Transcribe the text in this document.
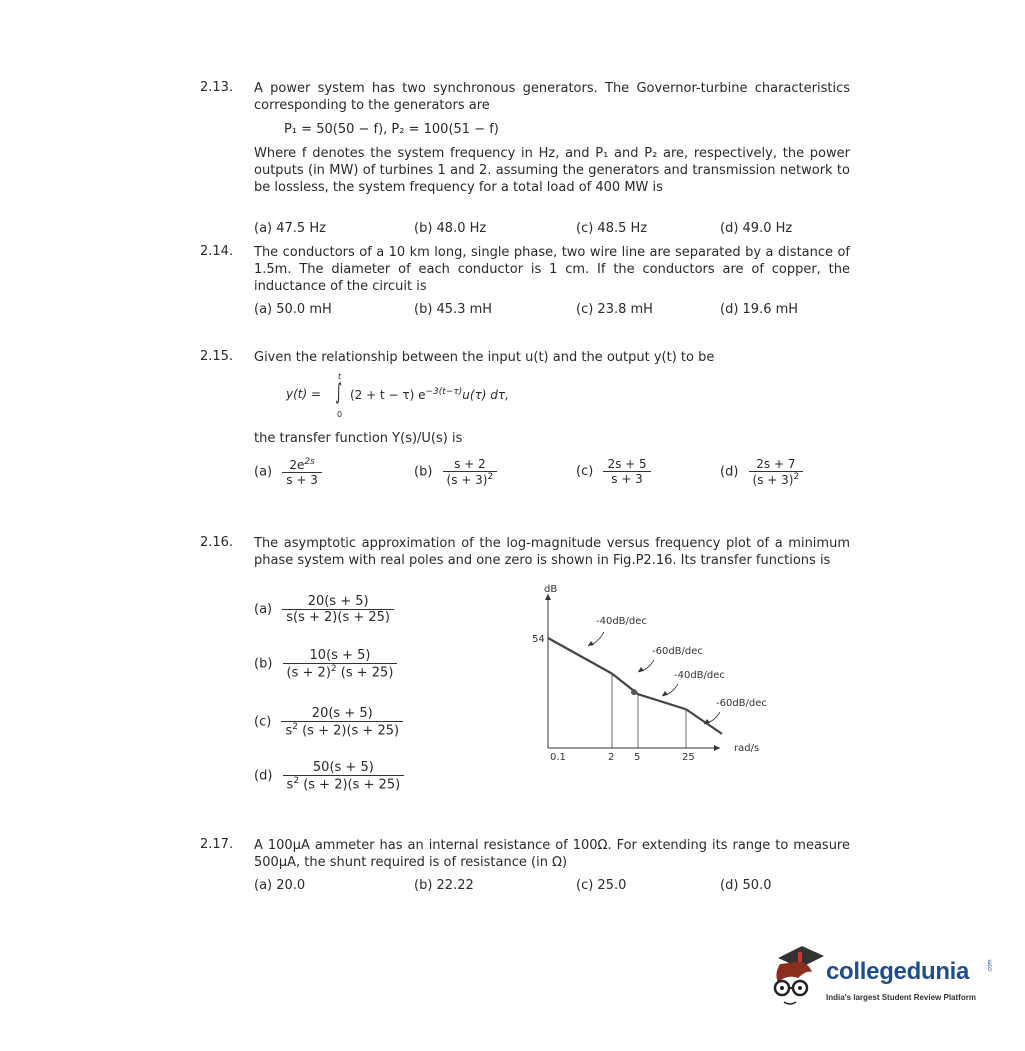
2.13. A power system has two synchronous generators. The Governor-turbine characteristics corresponding to the generators are
P₁ = 50(50 − f), P₂ = 100(51 − f)
Where f denotes the system frequency in Hz, and P₁ and P₂ are, respectively, the power outputs (in MW) of turbines 1 and 2. assuming the generators and transmission network to be lossless, the system frequency for a total load of 400 MW is
(a) 47.5 Hz	(b) 48.0 Hz	(c) 48.5 Hz	(d) 49.0 Hz
2.14. The conductors of a 10 km long, single phase, two wire line are separated by a distance of 1.5m. The diameter of each conductor is 1 cm. If the conductors are of copper, the inductance of the circuit is
(a) 50.0 mH	(b) 45.3 mH	(c) 23.8 mH	(d) 19.6 mH
2.15. Given the relationship between the input u(t) and the output y(t) to be
y(t) =
t
∫
0
(2 + t − τ) $e^{-3(t-\tau)}u(\tau)$ dτ,
the transfer function Y(s)/U(s) is
$(a) \frac{2e^{2s}}{s + 3}$	$(b) \frac{s + 2}{(s + 3)^2}$	$(c) \frac{2s + 5}{s + 3}$	$(d) \frac{2s + 7}{(s + 3)^2}$
2.16. The asymptotic approximation of the log-magnitude versus frequency plot of a minimum phase system with real poles and one zero is shown in Fig.P2.16. Its transfer functions is
$(a) \frac{20(s + 5)}{s(s + 2)(s + 25)}$
$(b) \frac{10(s + 5)}{(s + 2)^2 (s + 25)}$
$(c) \frac{20(s + 5)}{s^2 (s + 2)(s + 25)}$
$(d) \frac{50(s + 5)}{s^2 (s + 2)(s + 25)}$
dB
rad/s
54
0.1	2 5	25
-40dB/dec
-60dB/dec
-40dB/dec
-60dB/dec
2.17. A 100μA ammeter has an internal resistance of 100Ω. For extending its range to measure 500μA, the shunt required is of resistance (in Ω)
(a) 20.0	(b) 22.22	(c) 25.0	(d) 50.0
collegedunia	.com
India's largest Student Review Platform
